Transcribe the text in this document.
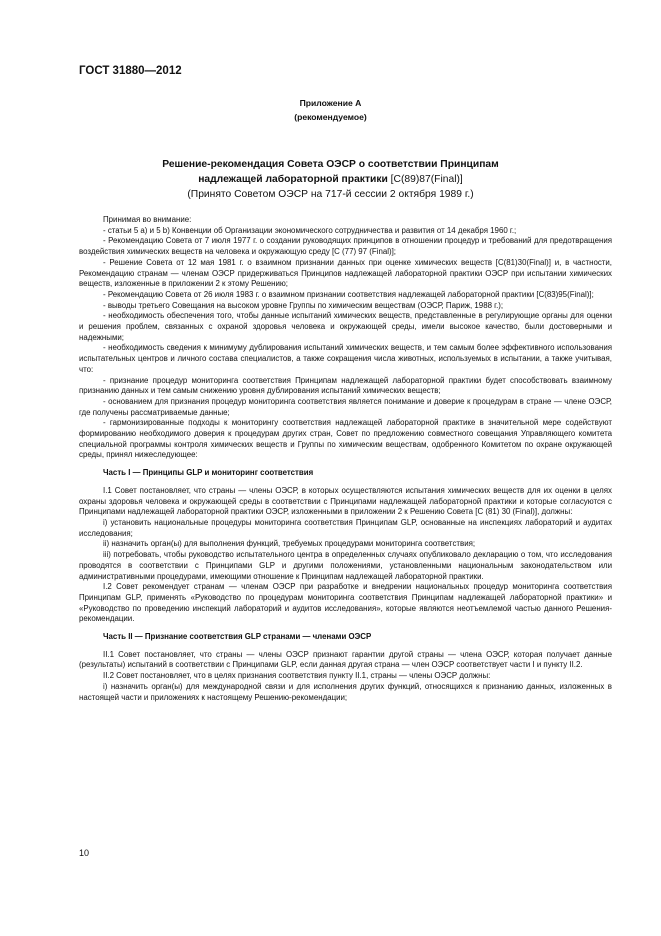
ГОСТ 31880—2012

Приложение А
(рекомендуемое)
Решение-рекомендация Совета ОЭСР о соответствии Принципам
надлежащей лабораторной практики [C(89)87(Final)]
(Принято Советом ОЭСР на 717-й сессии 2 октября 1989 г.)

Принимая во внимание:

- статьи 5 а) и 5 b) Конвенции об Организации экономического сотрудничества и развития от 14 декабря 1960 г.;

- Рекомендацию Совета от 7 июля 1977 г. о создании руководящих принципов в отношении процедур и требований для предотвращения воздействия химических веществ на человека и окружающую среду [C (77) 97 (Final)];

- Решение Совета от 12 мая 1981 г. о взаимном признании данных при оценке химических веществ [C(81)30(Final)] и, в частности, Рекомендацию странам — членам ОЭСР придерживаться Принципов надлежащей лабораторной практики ОЭСР при испытании химических веществ, изложенные в приложении 2 к этому Решению;

- Рекомендацию Совета от 26 июля 1983 г. о взаимном признании соответствия надлежащей лабораторной практики [C(83)95(Final)];

- выводы третьего Совещания на высоком уровне Группы по химическим веществам (ОЭСР, Париж, 1988 г.);

- необходимость обеспечения того, чтобы данные испытаний химических веществ, представленные в регулирующие органы для оценки и решения проблем, связанных с охраной здоровья человека и окружающей среды, имели высокое качество, были достоверными и надежными;

- необходимость сведения к минимуму дублирования испытаний химических веществ, и тем самым более эффективного использования испытательных центров и личного состава специалистов, а также сокращения числа животных, используемых в испытании, а также учитывая, что:

- признание процедур мониторинга соответствия Принципам надлежащей лабораторной практики будет способствовать взаимному признанию данных и тем самым снижению уровня дублирования испытаний химических веществ;

- основанием для признания процедур мониторинга соответствия является понимание и доверие к процедурам в стране — члене ОЭСР, где получены рассматриваемые данные;

- гармонизированные подходы к мониторингу соответствия надлежащей лабораторной практике в значительной мере содействуют формированию необходимого доверия к процедурам других стран, Совет по предложению совместного совещания Управляющего комитета специальной программы контроля химических веществ и Группы по химическим веществам, одобренного Комитетом по охране окружающей среды, принял нижеследующее:

Часть I — Принципы GLP и мониторинг соответствия

I.1 Совет постановляет, что страны — члены ОЭСР, в которых осуществляются испытания химических веществ для их оценки в целях охраны здоровья человека и окружающей среды в соответствии с Принципами надлежащей лабораторной практики и которые согласуются с Принципами надлежащей лабораторной практики ОЭСР, изложенными в приложении 2 к Решению Совета [C (81) 30 (Final)], должны:

i) установить национальные процедуры мониторинга соответствия Принципам GLP, основанные на инспекциях лабораторий и аудитах исследования;

ii) назначить орган(ы) для выполнения функций, требуемых процедурами мониторинга соответствия;

iii) потребовать, чтобы руководство испытательного центра в определенных случаях опубликовало декларацию о том, что исследования проводятся в соответствии с Принципами GLP и другими положениями, установленными национальным законодательством или административными процедурами, имеющими отношение к Принципам надлежащей лабораторной практики.

I.2 Совет рекомендует странам — членам ОЭСР при разработке и внедрении национальных процедур мониторинга соответствия Принципам GLP, применять «Руководство по процедурам мониторинга соответствия Принципам надлежащей лабораторной практики» и «Руководство по проведению инспекций лабораторий и аудитов исследования», которые являются неотъемлемой частью данного Решения-рекомендации.

Часть II — Признание соответствия GLP странами — членами ОЭСР

II.1 Совет постановляет, что страны — члены ОЭСР признают гарантии другой страны — члена ОЭСР, которая получает данные (результаты) испытаний в соответствии с Принципами GLP, если данная другая страна — член ОЭСР соответствует части I и пункту II.2.

II.2 Совет постановляет, что в целях признания соответствия пункту II.1, страны — члены ОЭСР должны:

i) назначить орган(ы) для международной связи и для исполнения других функций, относящихся к признанию данных, изложенных в настоящей части и приложениях к настоящему Решению-рекомендации;

10
